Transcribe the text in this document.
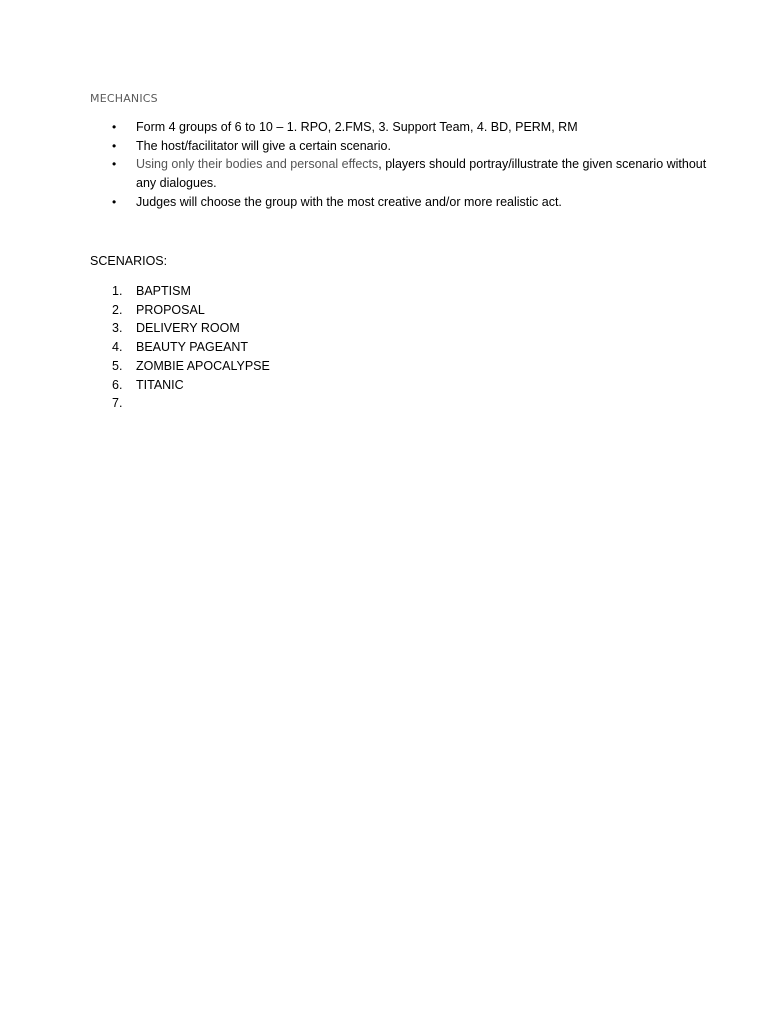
MECHANICS
• Form 4 groups of 6 to 10 – 1. RPO, 2.FMS, 3. Support Team, 4. BD, PERM, RM
• The host/facilitator will give a certain scenario.
• Using only their bodies and personal effects, players should portray/illustrate the given scenario without any dialogues.
• Judges will choose the group with the most creative and/or more realistic act.
SCENARIOS:
1. BAPTISM
2. PROPOSAL
3. DELIVERY ROOM
4. BEAUTY PAGEANT
5. ZOMBIE APOCALYPSE
6. TITANIC
7.
